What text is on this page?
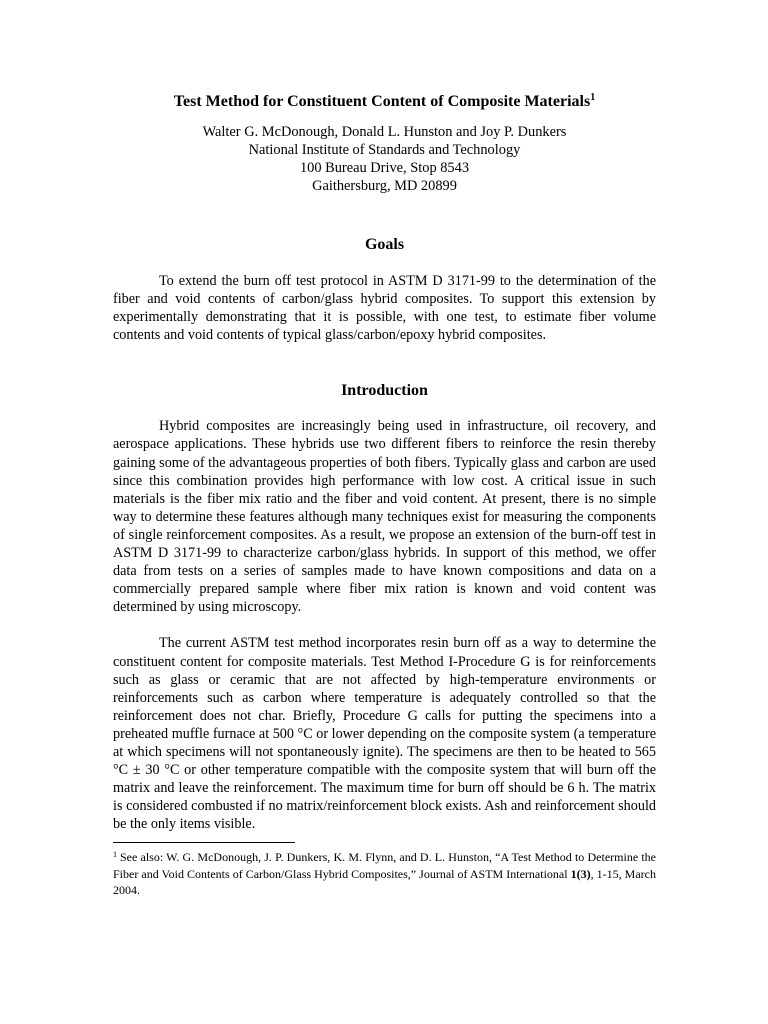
Test Method for Constituent Content of Composite Materials$^1$
Walter G. McDonough, Donald L. Hunston and Joy P. Dunkers
National Institute of Standards and Technology
100 Bureau Drive, Stop 8543
Gaithersburg, MD 20899
Goals

To extend the burn off test protocol in ASTM D 3171-99 to the determination of the fiber and void contents of carbon/glass hybrid composites. To support this extension by experimentally demonstrating that it is possible, with one test, to estimate fiber volume contents and void contents of typical glass/carbon/epoxy hybrid composites.

Introduction

Hybrid composites are increasingly being used in infrastructure, oil recovery, and aerospace applications. These hybrids use two different fibers to reinforce the resin thereby gaining some of the advantageous properties of both fibers. Typically glass and carbon are used since this combination provides high performance with low cost. A critical issue in such materials is the fiber mix ratio and the fiber and void content. At present, there is no simple way to determine these features although many techniques exist for measuring the components of single reinforcement composites. As a result, we propose an extension of the burn-off test in ASTM D 3171-99 to characterize carbon/glass hybrids. In support of this method, we offer data from tests on a series of samples made to have known compositions and data on a commercially prepared sample where fiber mix ration is known and void content was determined by using microscopy.

The current ASTM test method incorporates resin burn off as a way to determine the constituent content for composite materials. Test Method I-Procedure G is for reinforcements such as glass or ceramic that are not affected by high-temperature environments or reinforcements such as carbon where temperature is adequately controlled so that the reinforcement does not char. Briefly, Procedure G calls for putting the specimens into a preheated muffle furnace at 500 °C or lower depending on the composite system (a temperature at which specimens will not spontaneously ignite). The specimens are then to be heated to 565 °C ± 30 °C or other temperature compatible with the composite system that will burn off the matrix and leave the reinforcement. The maximum time for burn off should be 6 h. The matrix is considered combusted if no matrix/reinforcement block exists. Ash and reinforcement should be the only items visible.

$^1$ See also: W. G. McDonough, J. P. Dunkers, K. M. Flynn, and D. L. Hunston, “A Test Method to Determine the Fiber and Void Contents of Carbon/Glass Hybrid Composites,” Journal of ASTM International 1(3), 1-15, March 2004.
